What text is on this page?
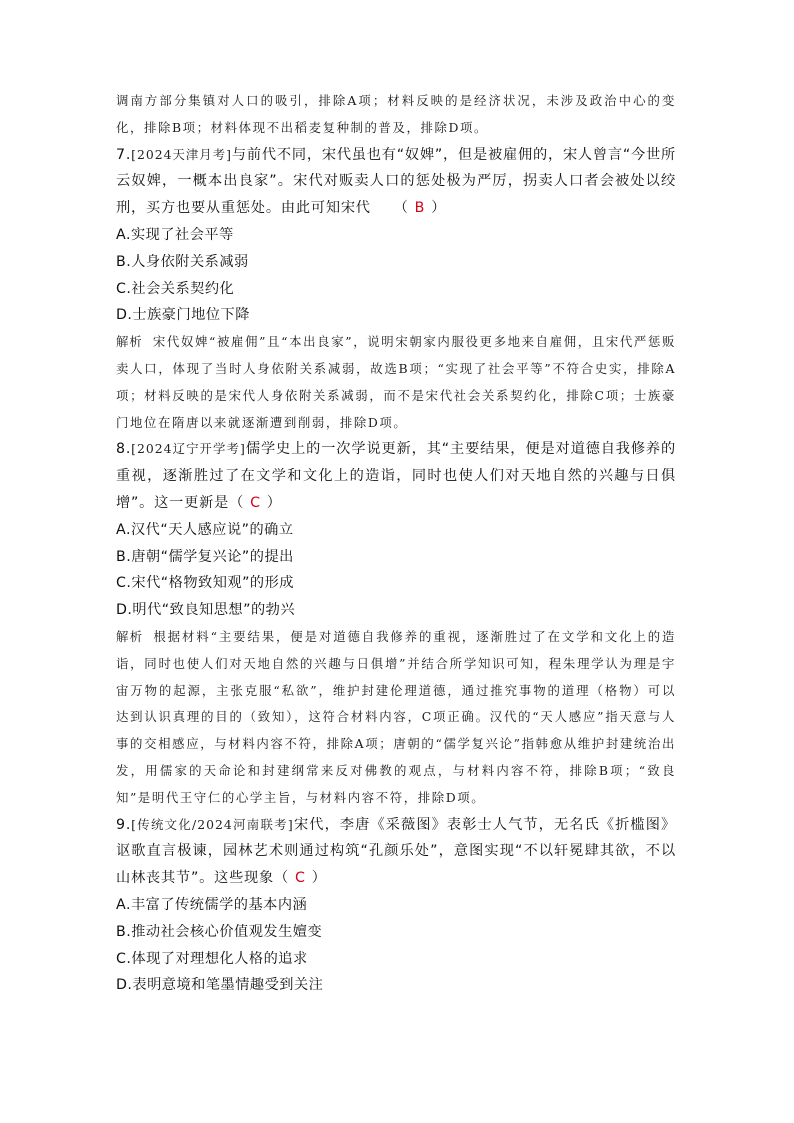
调南方部分集镇对人口的吸引，排除A项；材料反映的是经济状况，未涉及政治中心的变化，排除B项；材料体现不出稻麦复种制的普及，排除D项。
7.[2024天津月考]与前代不同，宋代虽也有“奴婢”，但是被雇佣的，宋人曾言“今世所云奴婢，一概本出良家”。宋代对贩卖人口的惩处极为严厉，拐卖人口者会被处以绞刑，买方也要从重惩处。由此可知宋代　　（ B ）
A.实现了社会平等
B.人身依附关系减弱
C.社会关系契约化
D.士族豪门地位下降
解析 宋代奴婢“被雇佣”且“本出良家”，说明宋朝家内服役更多地来自雇佣，且宋代严惩贩卖人口，体现了当时人身依附关系减弱，故选B项；“实现了社会平等”不符合史实，排除A项；材料反映的是宋代人身依附关系减弱，而不是宋代社会关系契约化，排除C项；士族豪门地位在隋唐以来就逐渐遭到削弱，排除D项。
8.[2024辽宁开学考]儒学史上的一次学说更新，其“主要结果，便是对道德自我修养的重视，逐渐胜过了在文学和文化上的造诣，同时也使人们对天地自然的兴趣与日俱增”。这一更新是（ C ）
A.汉代“天人感应说”的确立
B.唐朝“儒学复兴论”的提出
C.宋代“格物致知观”的形成
D.明代“致良知思想”的勃兴
解析 根据材料“主要结果，便是对道德自我修养的重视，逐渐胜过了在文学和文化上的造诣，同时也使人们对天地自然的兴趣与日俱增”并结合所学知识可知，程朱理学认为理是宇宙万物的起源，主张克服“私欲”，维护封建伦理道德，通过推究事物的道理（格物）可以达到认识真理的目的（致知），这符合材料内容，C项正确。汉代的“天人感应”指天意与人事的交相感应，与材料内容不符，排除A项；唐朝的“儒学复兴论”指韩愈从维护封建统治出发，用儒家的天命论和封建纲常来反对佛教的观点，与材料内容不符，排除B项；“致良知”是明代王守仁的心学主旨，与材料内容不符，排除D项。
9.[传统文化/2024河南联考]宋代，李唐《采薇图》表彰士人气节，无名氏《折槛图》讴歌直言极谏，园林艺术则通过构筑“孔颜乐处”，意图实现“不以轩冕肆其欲，不以山林丧其节”。这些现象（ C ）
A.丰富了传统儒学的基本内涵
B.推动社会核心价值观发生嬗变
C.体现了对理想化人格的追求
D.表明意境和笔墨情趣受到关注
